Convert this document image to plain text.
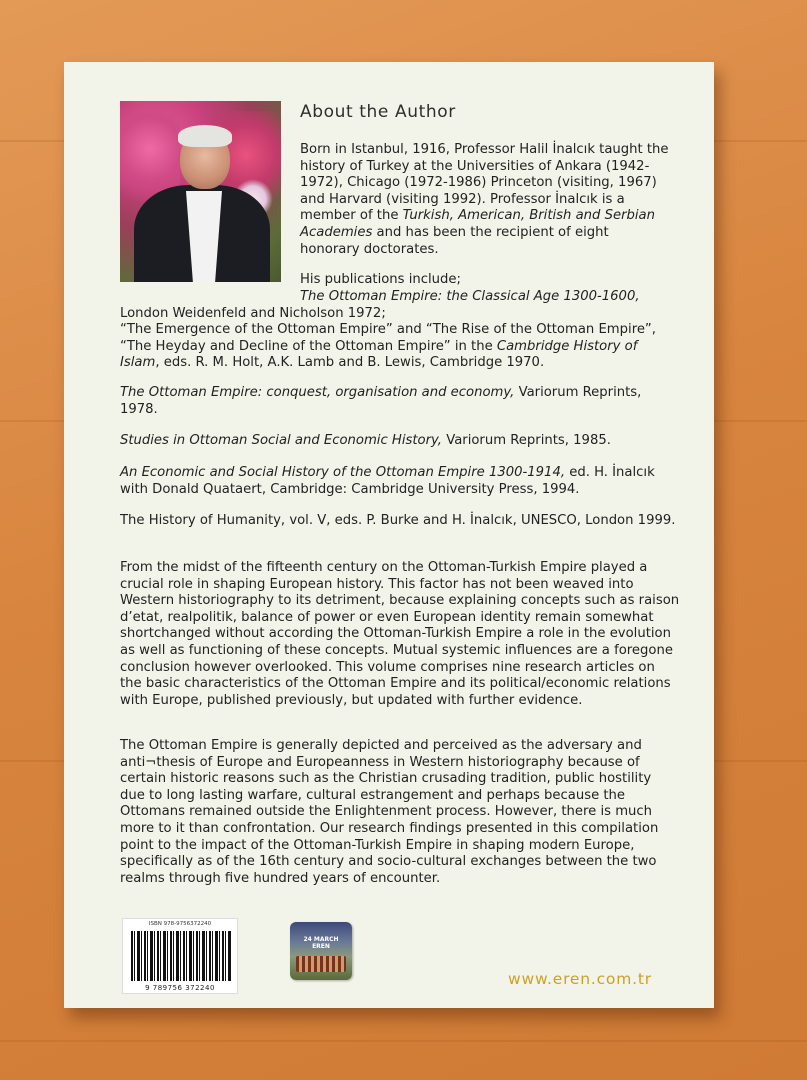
About the Author

Born in Istanbul, 1916, Professor Halil İnalcık taught the history of Turkey at the Universities of Ankara (1942-1972), Chicago (1972-1986) Princeton (visiting, 1967) and Harvard (visiting 1992). Professor İnalcık is a member of the Turkish, American, British and Serbian Academies and has been the recipient of eight honorary doctorates.

His publications include;

The Ottoman Empire: the Classical Age 1300-1600,

London Weidenfeld and Nicholson 1972;

“The Emergence of the Ottoman Empire” and “The Rise of the Ottoman Empire”, “The Heyday and Decline of the Ottoman Empire” in the Cambridge History of Islam, eds. R. M. Holt, A.K. Lamb and B. Lewis, Cambridge 1970.

The Ottoman Empire: conquest, organisation and economy, Variorum Reprints, 1978.

Studies in Ottoman Social and Economic History, Variorum Reprints, 1985.

An Economic and Social History of the Ottoman Empire 1300-1914, ed. H. İnalcık with Donald Quataert, Cambridge: Cambridge University Press, 1994.

The History of Humanity, vol. V, eds. P. Burke and H. İnalcık, UNESCO, London 1999.

From the midst of the fifteenth century on the Ottoman-Turkish Empire played a crucial role in shaping European history. This factor has not been weaved into Western historiography to its detriment, because explaining concepts such as raison d’etat, realpolitik, balance of power or even European identity remain somewhat shortchanged without according the Ottoman-Turkish Empire a role in the evolution as well as functioning of these concepts. Mutual systemic influences are a foregone conclusion however overlooked. This volume comprises nine research articles on the basic characteristics of the Ottoman Empire and its political/economic relations with Europe, published previously, but updated with further evidence.

The Ottoman Empire is generally depicted and perceived as the adversary and anti¬thesis of Europe and Europeanness in Western historiography because of certain historic reasons such as the Christian crusading tradition, public hostility due to long lasting warfare, cultural estrangement and perhaps because the Ottomans remained outside the Enlightenment process. However, there is much more to it than confrontation. Our research findings presented in this compilation point to the impact of the Ottoman-Turkish Empire in shaping modern Europe, specifically as of the 16th century and socio-cultural exchanges between the two realms through five hundred years of encounter.

ISBN 978-9756372240
9 789756 372240
24 MARCH EREN
www.eren.com.tr
